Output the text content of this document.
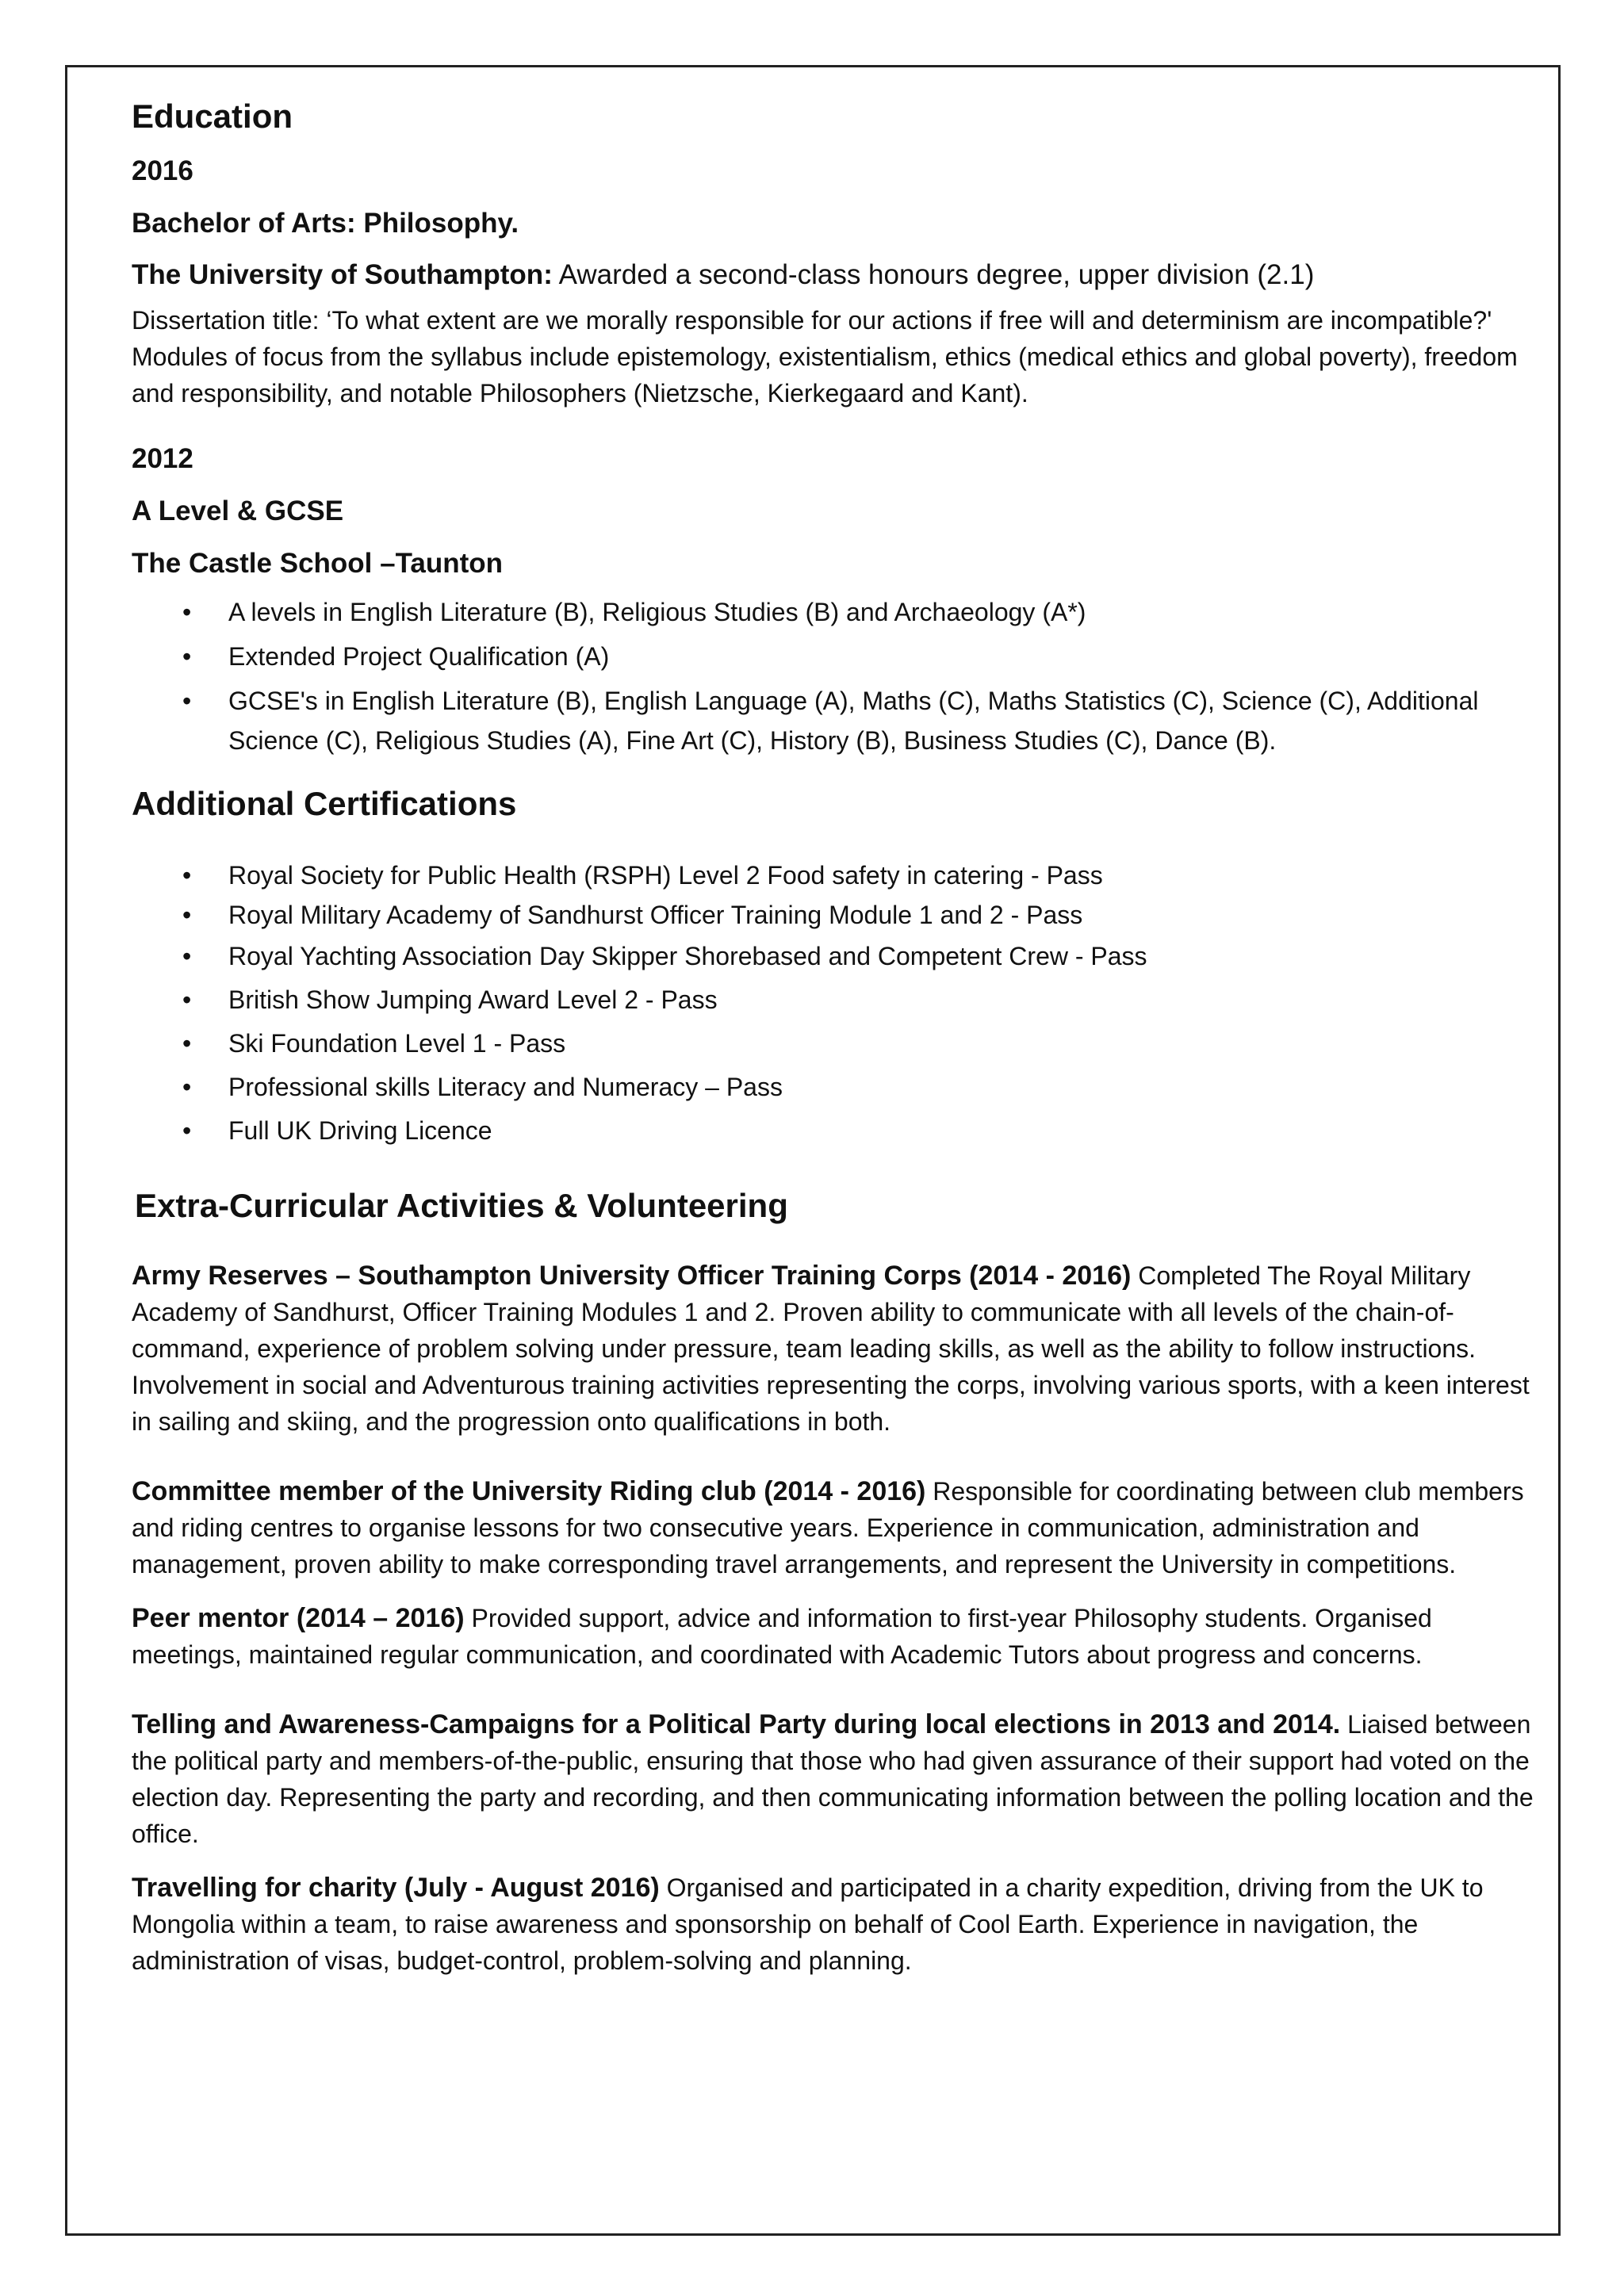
Education

2016

Bachelor of Arts: Philosophy.

The University of Southampton: Awarded a second-class honours degree, upper division (2.1)

Dissertation title: ‘To what extent are we morally responsible for our actions if free will and determinism are incompatible?' Modules of focus from the syllabus include epistemology, existentialism, ethics (medical ethics and global poverty), freedom and responsibility, and notable Philosophers (Nietzsche, Kierkegaard and Kant).

2012

A Level & GCSE

The Castle School –Taunton

• A levels in English Literature (B), Religious Studies (B) and Archaeology (A*)
• Extended Project Qualification (A)
• GCSE's in English Literature (B), English Language (A), Maths (C), Maths Statistics (C), Science (C), Additional Science (C), Religious Studies (A), Fine Art (C), History (B), Business Studies (C), Dance (B).
Additional Certifications
• Royal Society for Public Health (RSPH) Level 2 Food safety in catering - Pass
• Royal Military Academy of Sandhurst Officer Training Module 1 and 2 - Pass
• Royal Yachting Association Day Skipper Shorebased and Competent Crew - Pass
• British Show Jumping Award Level 2 - Pass
• Ski Foundation Level 1 - Pass
• Professional skills Literacy and Numeracy – Pass
• Full UK Driving Licence
Extra-Curricular Activities & Volunteering

Army Reserves – Southampton University Officer Training Corps (2014 - 2016) Completed The Royal Military Academy of Sandhurst, Officer Training Modules 1 and 2. Proven ability to communicate with all levels of the chain-of-command, experience of problem solving under pressure, team leading skills, as well as the ability to follow instructions. Involvement in social and Adventurous training activities representing the corps, involving various sports, with a keen interest in sailing and skiing, and the progression onto qualifications in both.

Committee member of the University Riding club (2014 - 2016) Responsible for coordinating between club members and riding centres to organise lessons for two consecutive years. Experience in communication, administration and management, proven ability to make corresponding travel arrangements, and represent the University in competitions.

Peer mentor (2014 – 2016) Provided support, advice and information to first-year Philosophy students. Organised meetings, maintained regular communication, and coordinated with Academic Tutors about progress and concerns.

Telling and Awareness-Campaigns for a Political Party during local elections in 2013 and 2014. Liaised between the political party and members-of-the-public, ensuring that those who had given assurance of their support had voted on the election day. Representing the party and recording, and then communicating information between the polling location and the office.

Travelling for charity (July - August 2016) Organised and participated in a charity expedition, driving from the UK to Mongolia within a team, to raise awareness and sponsorship on behalf of Cool Earth. Experience in navigation, the administration of visas, budget-control, problem-solving and planning.
